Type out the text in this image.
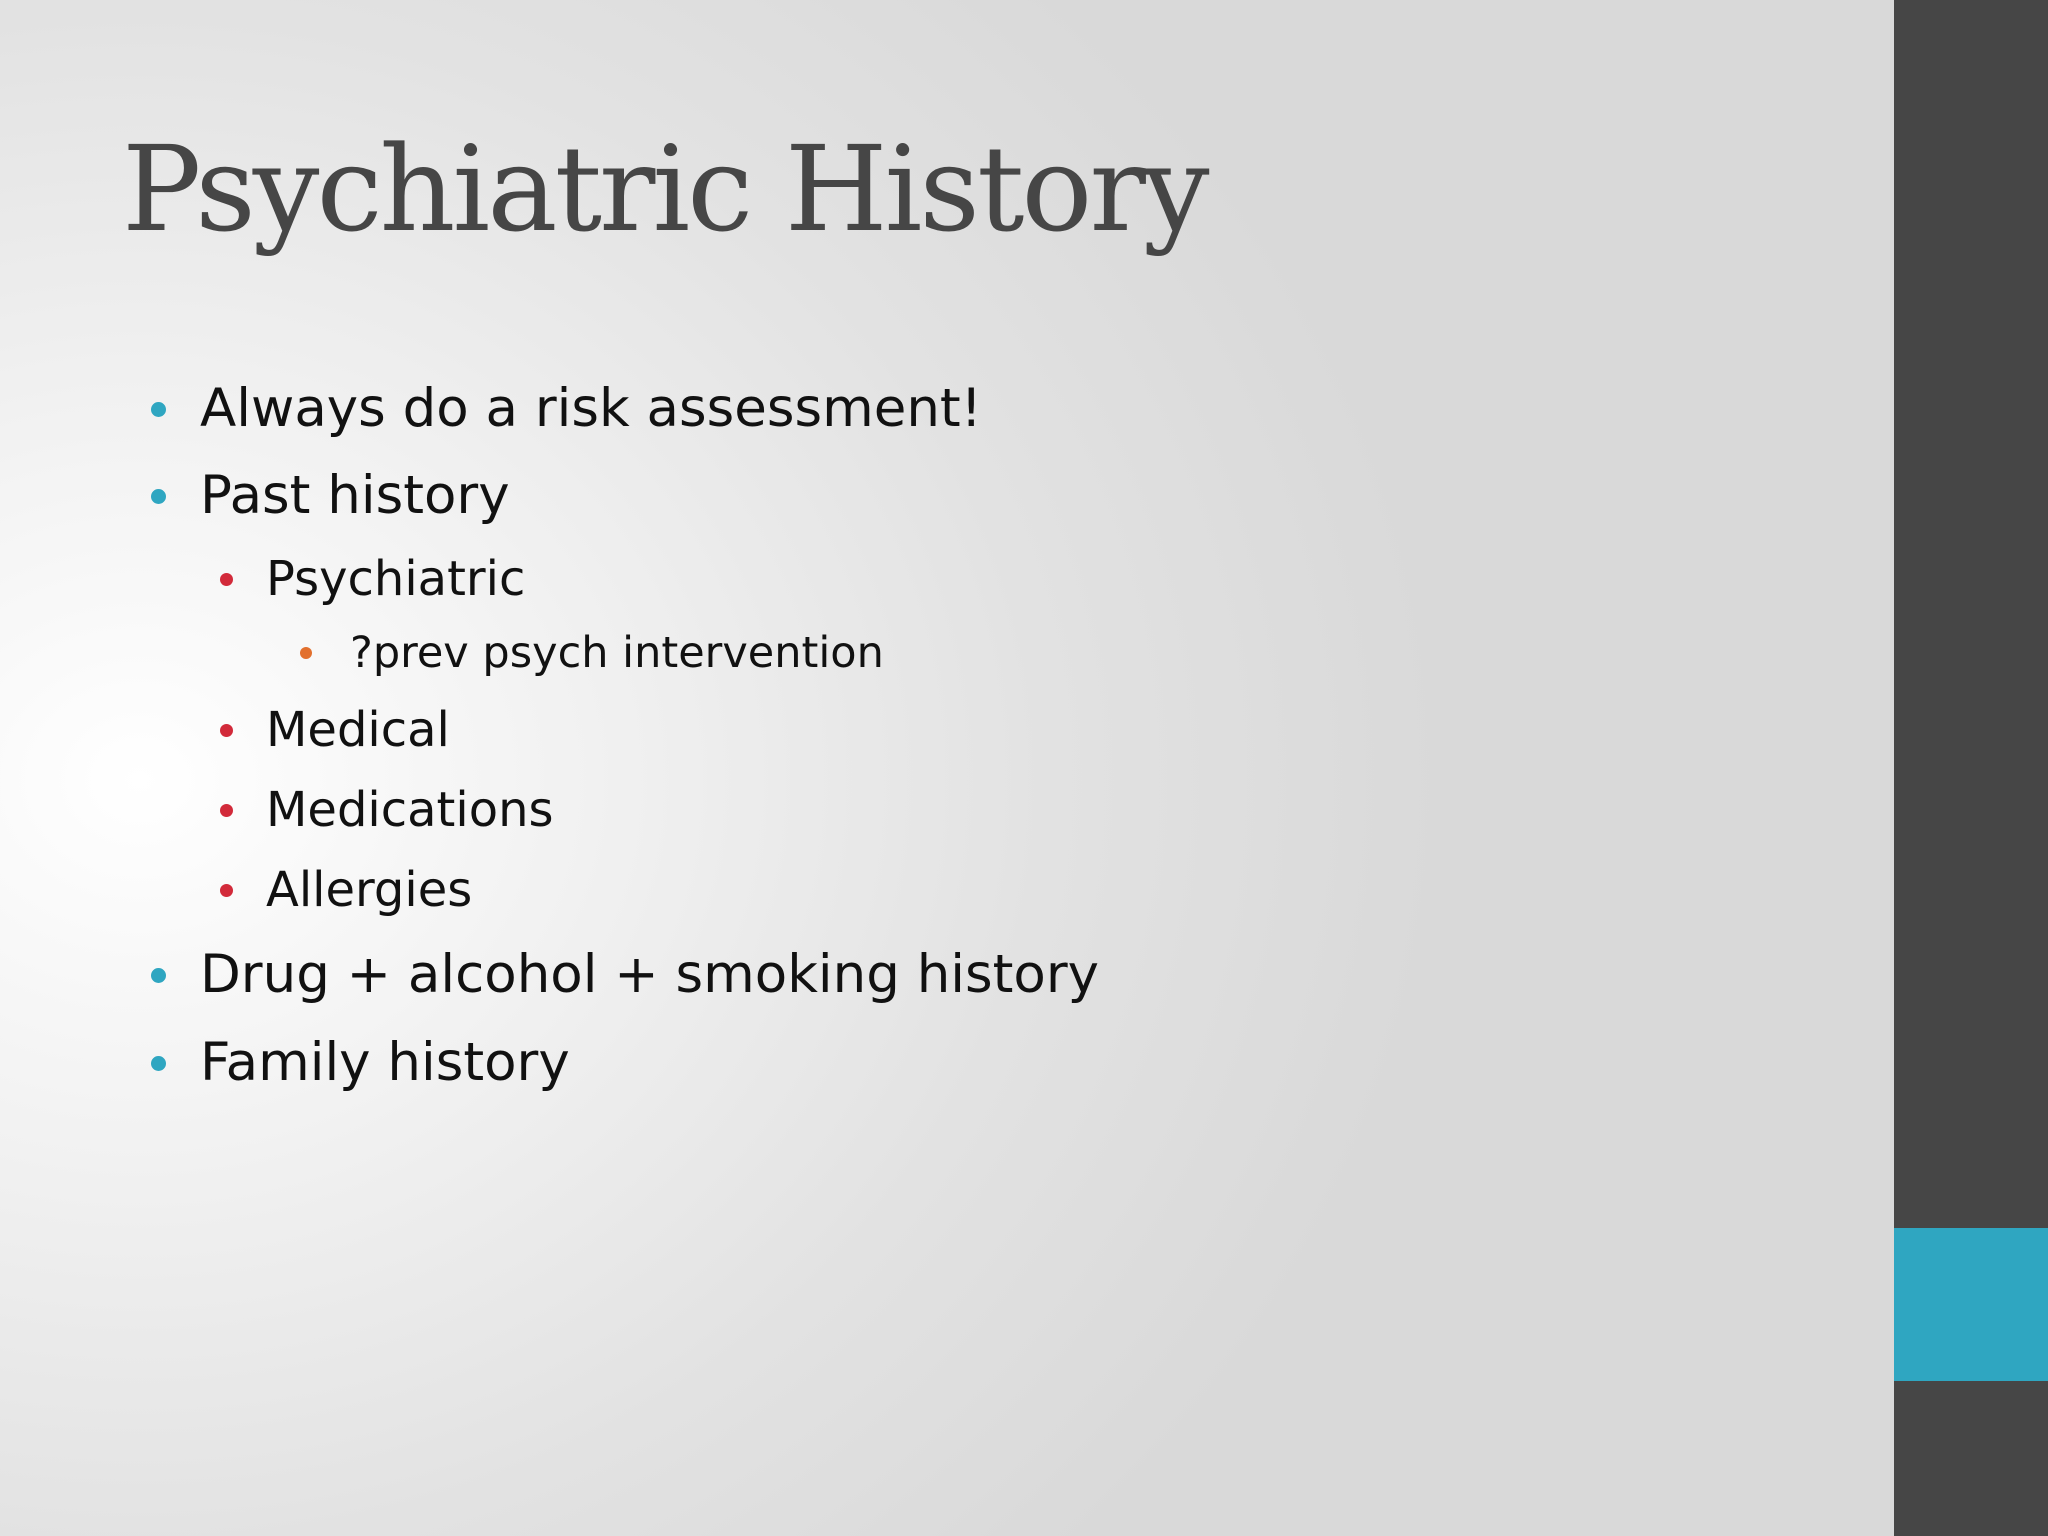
Psychiatric History
Always do a risk assessment!
Past history
Psychiatric
?prev psych intervention
Medical
Medications
Allergies
Drug + alcohol + smoking history
Family history
